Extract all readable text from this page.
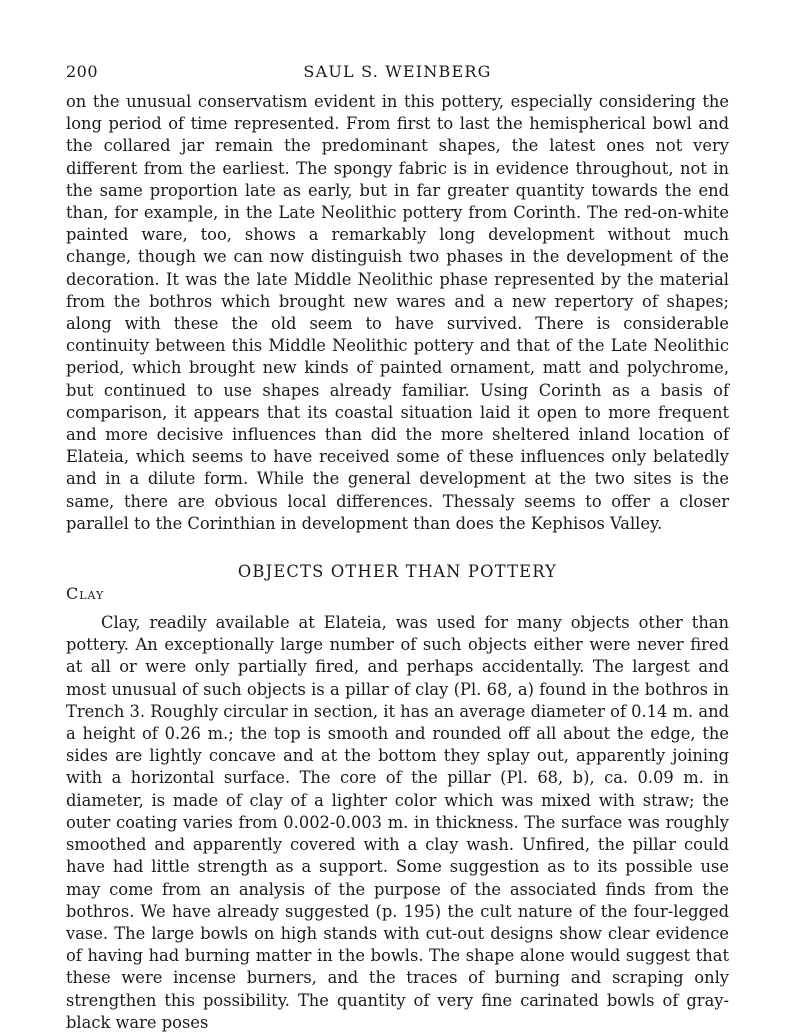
200	SAUL S. WEINBERG

on the unusual conservatism evident in this pottery, especially considering the long period of time represented. From first to last the hemispherical bowl and the collared jar remain the predominant shapes, the latest ones not very different from the earliest. The spongy fabric is in evidence throughout, not in the same proportion late as early, but in far greater quantity towards the end than, for example, in the Late Neolithic pottery from Corinth. The red-on-white painted ware, too, shows a remarkably long development without much change, though we can now distinguish two phases in the development of the decoration. It was the late Middle Neolithic phase represented by the material from the bothros which brought new wares and a new repertory of shapes; along with these the old seem to have survived. There is considerable continuity between this Middle Neolithic pottery and that of the Late Neolithic period, which brought new kinds of painted ornament, matt and polychrome, but continued to use shapes already familiar. Using Corinth as a basis of comparison, it appears that its coastal situation laid it open to more frequent and more decisive influences than did the more sheltered inland location of Elateia, which seems to have received some of these influences only belatedly and in a dilute form. While the general development at the two sites is the same, there are obvious local differences. Thessaly seems to offer a closer parallel to the Corinthian in development than does the Kephisos Valley.

OBJECTS OTHER THAN POTTERY
Clay

Clay, readily available at Elateia, was used for many objects other than pottery. An exceptionally large number of such objects either were never fired at all or were only partially fired, and perhaps accidentally. The largest and most unusual of such objects is a pillar of clay (Pl. 68, a) found in the bothros in Trench 3. Roughly circular in section, it has an average diameter of 0.14 m. and a height of 0.26 m.; the top is smooth and rounded off all about the edge, the sides are lightly concave and at the bottom they splay out, apparently joining with a horizontal surface. The core of the pillar (Pl. 68, b), ca. 0.09 m. in diameter, is made of clay of a lighter color which was mixed with straw; the outer coating varies from 0.002-0.003 m. in thickness. The surface was roughly smoothed and apparently covered with a clay wash. Unfired, the pillar could have had little strength as a support. Some suggestion as to its possible use may come from an analysis of the purpose of the associated finds from the bothros. We have already suggested (p. 195) the cult nature of the four-legged vase. The large bowls on high stands with cut-out designs show clear evidence of having had burning matter in the bowls. The shape alone would suggest that these were incense burners, and the traces of burning and scraping only strengthen this possibility. The quantity of very fine carinated bowls of gray-black ware poses
